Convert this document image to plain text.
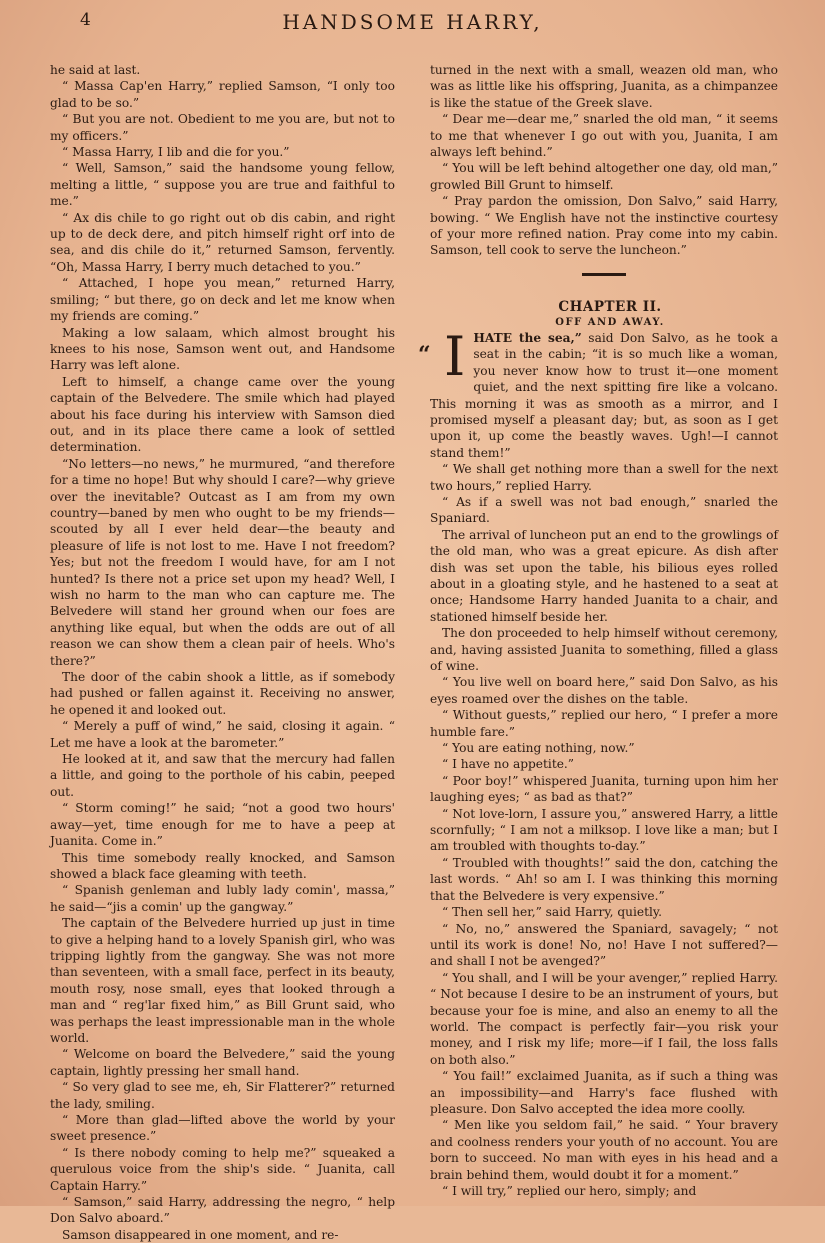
4	HANDSOME HARRY,

he said at last.

“ Massa Cap'en Harry,” replied Samson, “I only too glad to be so.”

“ But you are not. Obedient to me you are, but not to my officers.”

“ Massa Harry, I lib and die for you.”

“ Well, Samson,” said the handsome young fellow, melting a little, “ suppose you are true and faithful to me.”

“ Ax dis chile to go right out ob dis cabin, and right up to de deck dere, and pitch himself right orf into de sea, and dis chile do it,” returned Samson, fervently. “Oh, Massa Harry, I berry much detached to you.”

“ Attached, I hope you mean,” returned Harry, smiling; “ but there, go on deck and let me know when my friends are coming.”

Making a low salaam, which almost brought his knees to his nose, Samson went out, and Handsome Harry was left alone.

Left to himself, a change came over the young captain of the Belvedere. The smile which had played about his face during his interview with Samson died out, and in its place there came a look of settled determination.

“No letters—no news,” he murmured, “and therefore for a time no hope! But why should I care?—why grieve over the inevitable? Outcast as I am from my own country—baned by men who ought to be my friends—scouted by all I ever held dear—the beauty and pleasure of life is not lost to me. Have I not freedom? Yes; but not the freedom I would have, for am I not hunted? Is there not a price set upon my head? Well, I wish no harm to the man who can capture me. The Belvedere will stand her ground when our foes are anything like equal, but when the odds are out of all reason we can show them a clean pair of heels. Who's there?”

The door of the cabin shook a little, as if somebody had pushed or fallen against it. Receiving no answer, he opened it and looked out.

“ Merely a puff of wind,” he said, closing it again. “ Let me have a look at the barometer.”

He looked at it, and saw that the mercury had fallen a little, and going to the porthole of his cabin, peeped out.

“ Storm coming!” he said; “not a good two hours' away—yet, time enough for me to have a peep at Juanita. Come in.”

This time somebody really knocked, and Samson showed a black face gleaming with teeth.

“ Spanish genleman and lubly lady comin', massa,” he said—“jis a comin' up the gangway.”

The captain of the Belvedere hurried up just in time to give a helping hand to a lovely Spanish girl, who was tripping lightly from the gangway. She was not more than seventeen, with a small face, perfect in its beauty, mouth rosy, nose small, eyes that looked through a man and “ reg'lar fixed him,” as Bill Grunt said, who was perhaps the least impressionable man in the whole world.

“ Welcome on board the Belvedere,” said the young captain, lightly pressing her small hand.

“ So very glad to see me, eh, Sir Flatterer?” returned the lady, smiling.

“ More than glad—lifted above the world by your sweet presence.”

“ Is there nobody coming to help me?” squeaked a querulous voice from the ship's side. “ Juanita, call Captain Harry.”

“ Samson,” said Harry, addressing the negro, “ help Don Salvo aboard.”

Samson disappeared in one moment, and re-

turned in the next with a small, weazen old man, who was as little like his offspring, Juanita, as a chimpanzee is like the statue of the Greek slave.

“ Dear me—dear me,” snarled the old man, “ it seems to me that whenever I go out with you, Juanita, I am always left behind.”

“ You will be left behind altogether one day, old man,” growled Bill Grunt to himself.

“ Pray pardon the omission, Don Salvo,” said Harry, bowing. “ We English have not the instinctive courtesy of your more refined nation. Pray come into my cabin. Samson, tell cook to serve the luncheon.”

CHAPTER II.

OFF AND AWAY.

“ I HATE the sea,” said Don Salvo, as he took a seat in the cabin; “it is so much like a woman, you never know how to trust it—one moment quiet, and the next spitting fire like a volcano. This morning it was as smooth as a mirror, and I promised myself a pleasant day; but, as soon as I get upon it, up come the beastly waves. Ugh!—I cannot stand them!”

“ We shall get nothing more than a swell for the next two hours,” replied Harry.

“ As if a swell was not bad enough,” snarled the Spaniard.

The arrival of luncheon put an end to the growlings of the old man, who was a great epicure. As dish after dish was set upon the table, his bilious eyes rolled about in a gloating style, and he hastened to a seat at once; Handsome Harry handed Juanita to a chair, and stationed himself beside her.

The don proceeded to help himself without ceremony, and, having assisted Juanita to something, filled a glass of wine.

“ You live well on board here,” said Don Salvo, as his eyes roamed over the dishes on the table.

“ Without guests,” replied our hero, “ I prefer a more humble fare.”

“ You are eating nothing, now.”

“ I have no appetite.”

“ Poor boy!” whispered Juanita, turning upon him her laughing eyes; “ as bad as that?”

“ Not love-lorn, I assure you,” answered Harry, a little scornfully; “ I am not a milksop. I love like a man; but I am troubled with thoughts to-day.”

“ Troubled with thoughts!” said the don, catching the last words. “ Ah! so am I. I was thinking this morning that the Belvedere is very expensive.”

“ Then sell her,” said Harry, quietly.

“ No, no,” answered the Spaniard, savagely; “ not until its work is done! No, no! Have I not suffered?—and shall I not be avenged?”

“ You shall, and I will be your avenger,” replied Harry. “ Not because I desire to be an instrument of yours, but because your foe is mine, and also an enemy to all the world. The compact is perfectly fair—you risk your money, and I risk my life; more—if I fail, the loss falls on both also.”

“ You fail!” exclaimed Juanita, as if such a thing was an impossibility—and Harry's face flushed with pleasure. Don Salvo accepted the idea more coolly.

“ Men like you seldom fail,” he said. “ Your bravery and coolness renders your youth of no account. You are born to succeed. No man with eyes in his head and a brain behind them, would doubt it for a moment.”

“ I will try,” replied our hero, simply; and
